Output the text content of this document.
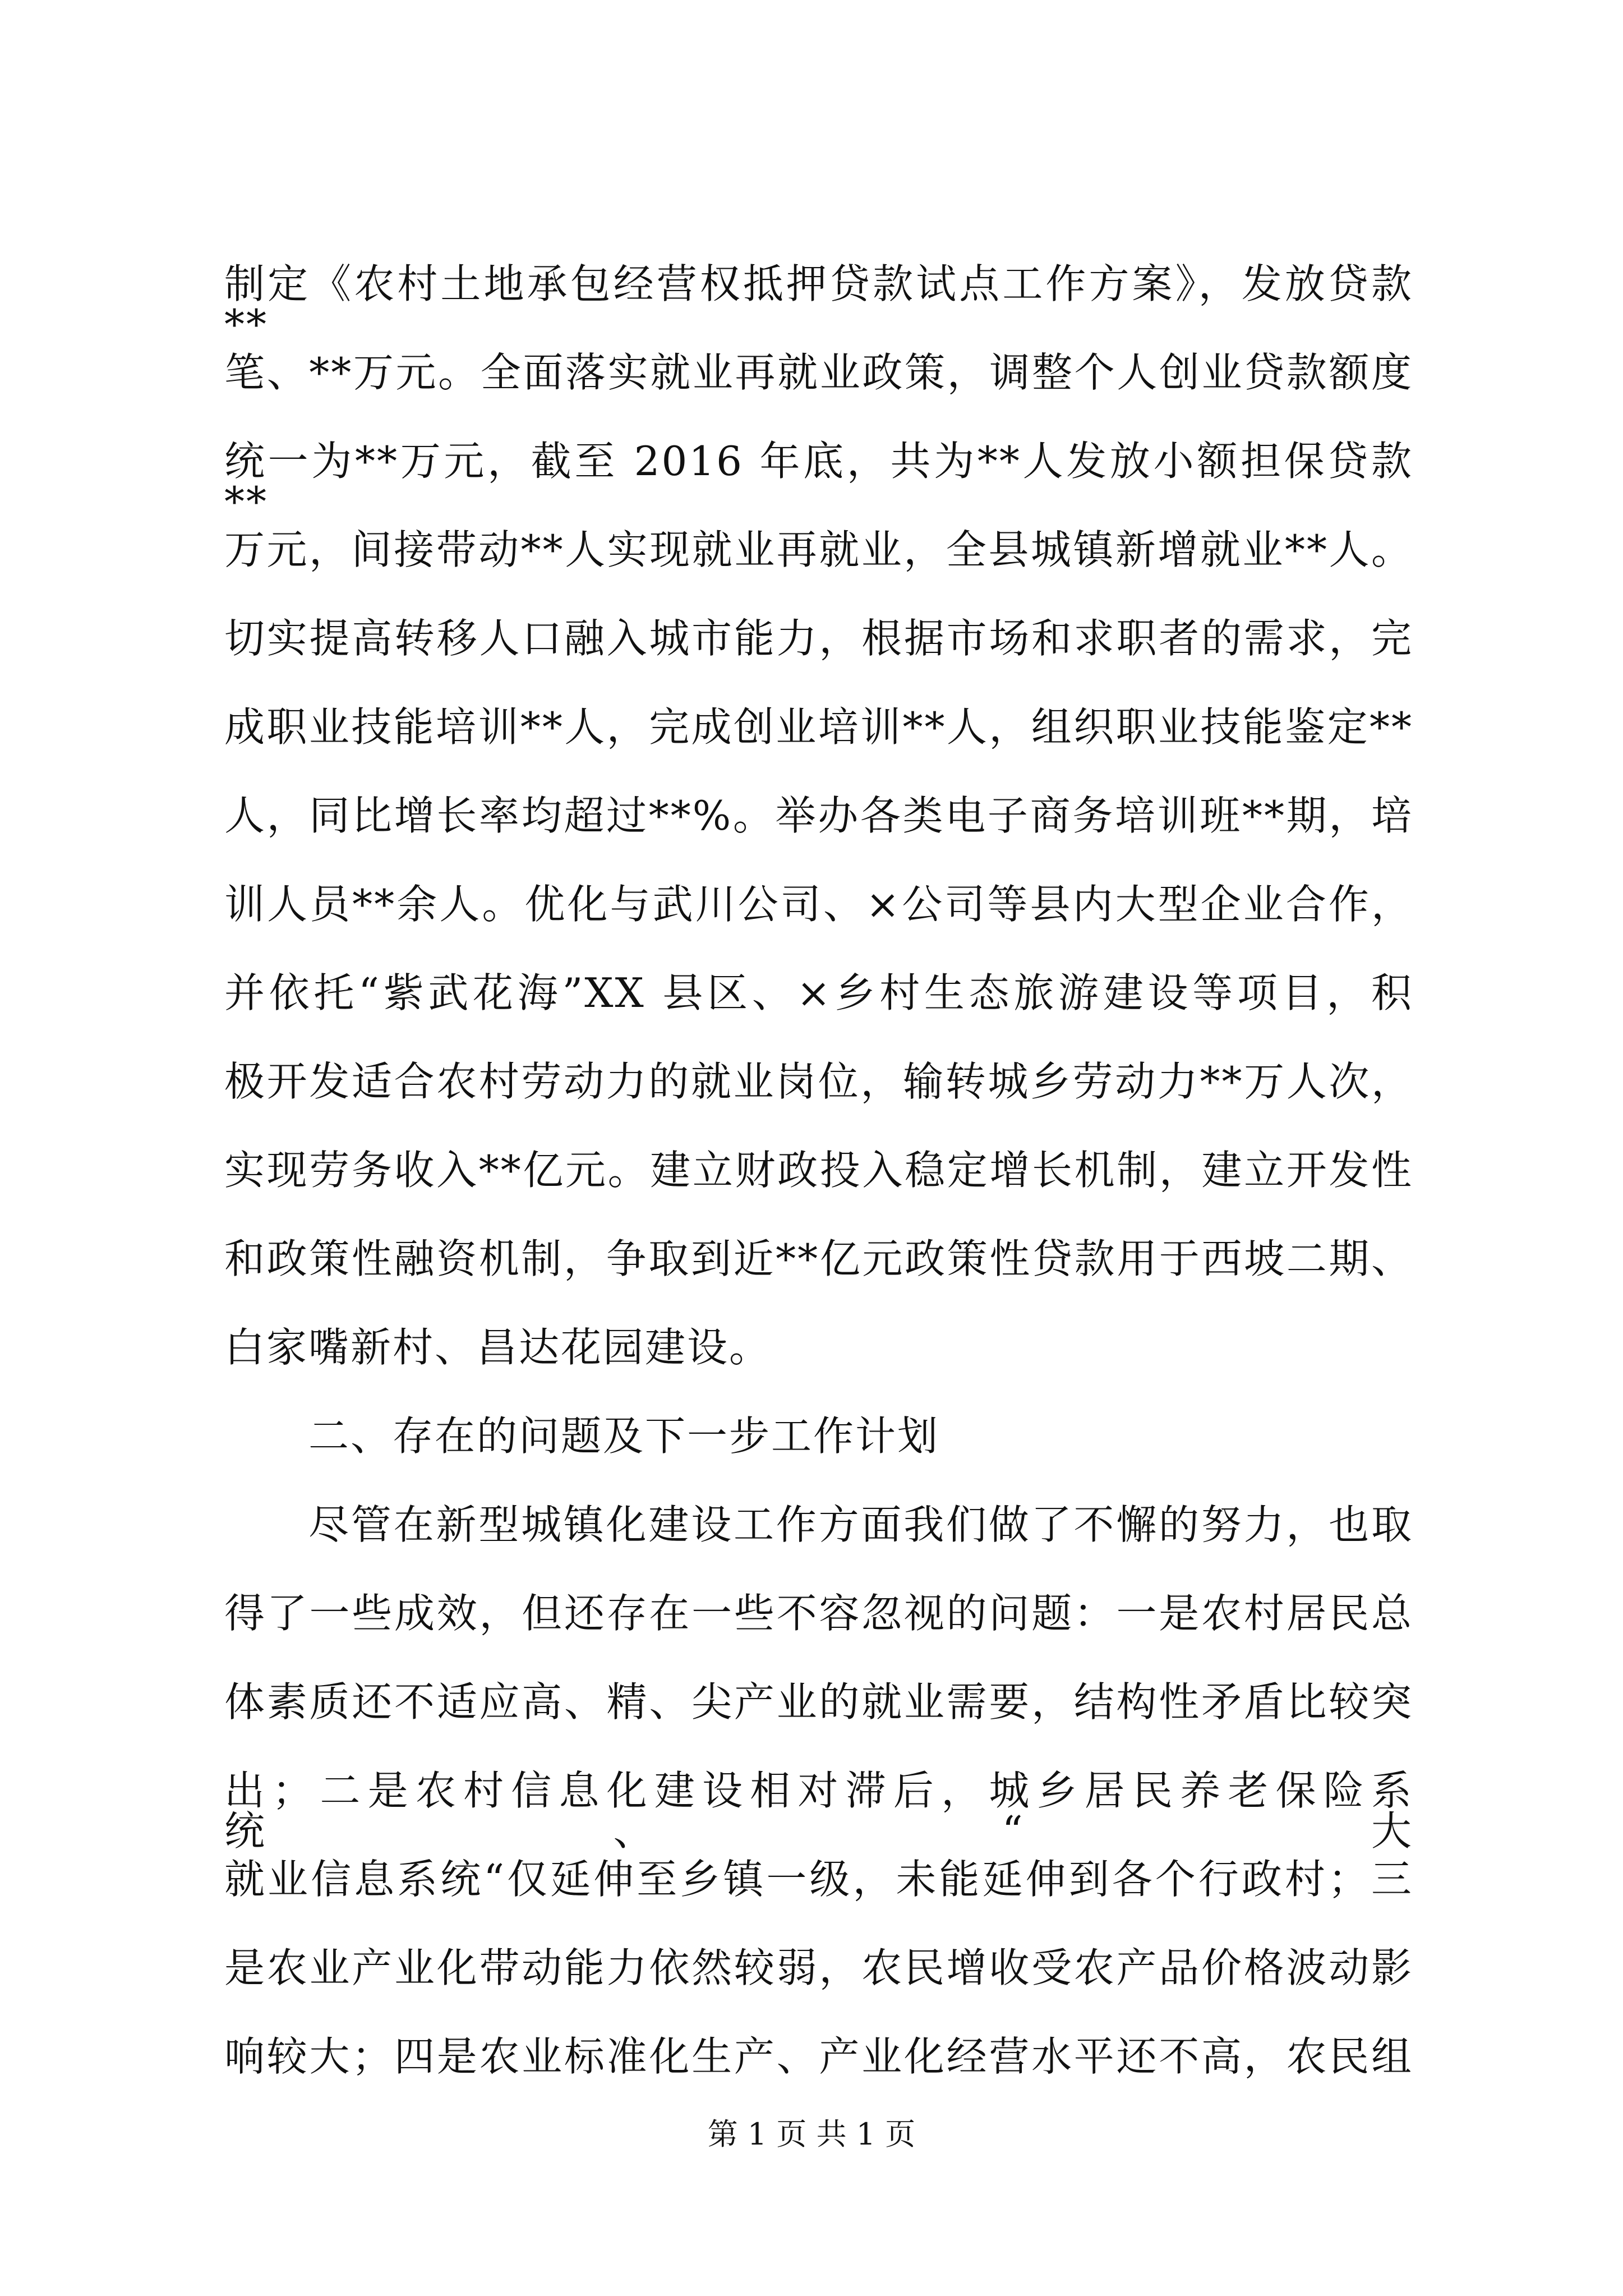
制定《农村土地承包经营权抵押贷款试点工作方案》，发放贷款**
笔、**万元。全面落实就业再就业政策，调整个人创业贷款额度
统一为**万元，截至 2016 年底，共为**人发放小额担保贷款**
万元，间接带动**人实现就业再就业，全县城镇新增就业**人。
切实提高转移人口融入城市能力，根据市场和求职者的需求，完
成职业技能培训**人，完成创业培训**人，组织职业技能鉴定**
人，同比增长率均超过**%。举办各类电子商务培训班**期，培
训人员**余人。优化与武川公司、×公司等县内大型企业合作，
并依托“紫武花海”XX 县区、×乡村生态旅游建设等项目，积
极开发适合农村劳动力的就业岗位，输转城乡劳动力**万人次，
实现劳务收入**亿元。建立财政投入稳定增长机制，建立开发性
和政策性融资机制，争取到近**亿元政策性贷款用于西坡二期、
白家嘴新村、昌达花园建设。
二、存在的问题及下一步工作计划
尽管在新型城镇化建设工作方面我们做了不懈的努力，也取
得了一些成效，但还存在一些不容忽视的问题：一是农村居民总
体素质还不适应高、精、尖产业的就业需要，结构性矛盾比较突
出；二是农村信息化建设相对滞后，城乡居民养老保险系统、“大
就业信息系统“仅延伸至乡镇一级，未能延伸到各个行政村；三
是农业产业化带动能力依然较弱，农民增收受农产品价格波动影
响较大；四是农业标准化生产、产业化经营水平还不高，农民组
第 1 页 共 1 页
